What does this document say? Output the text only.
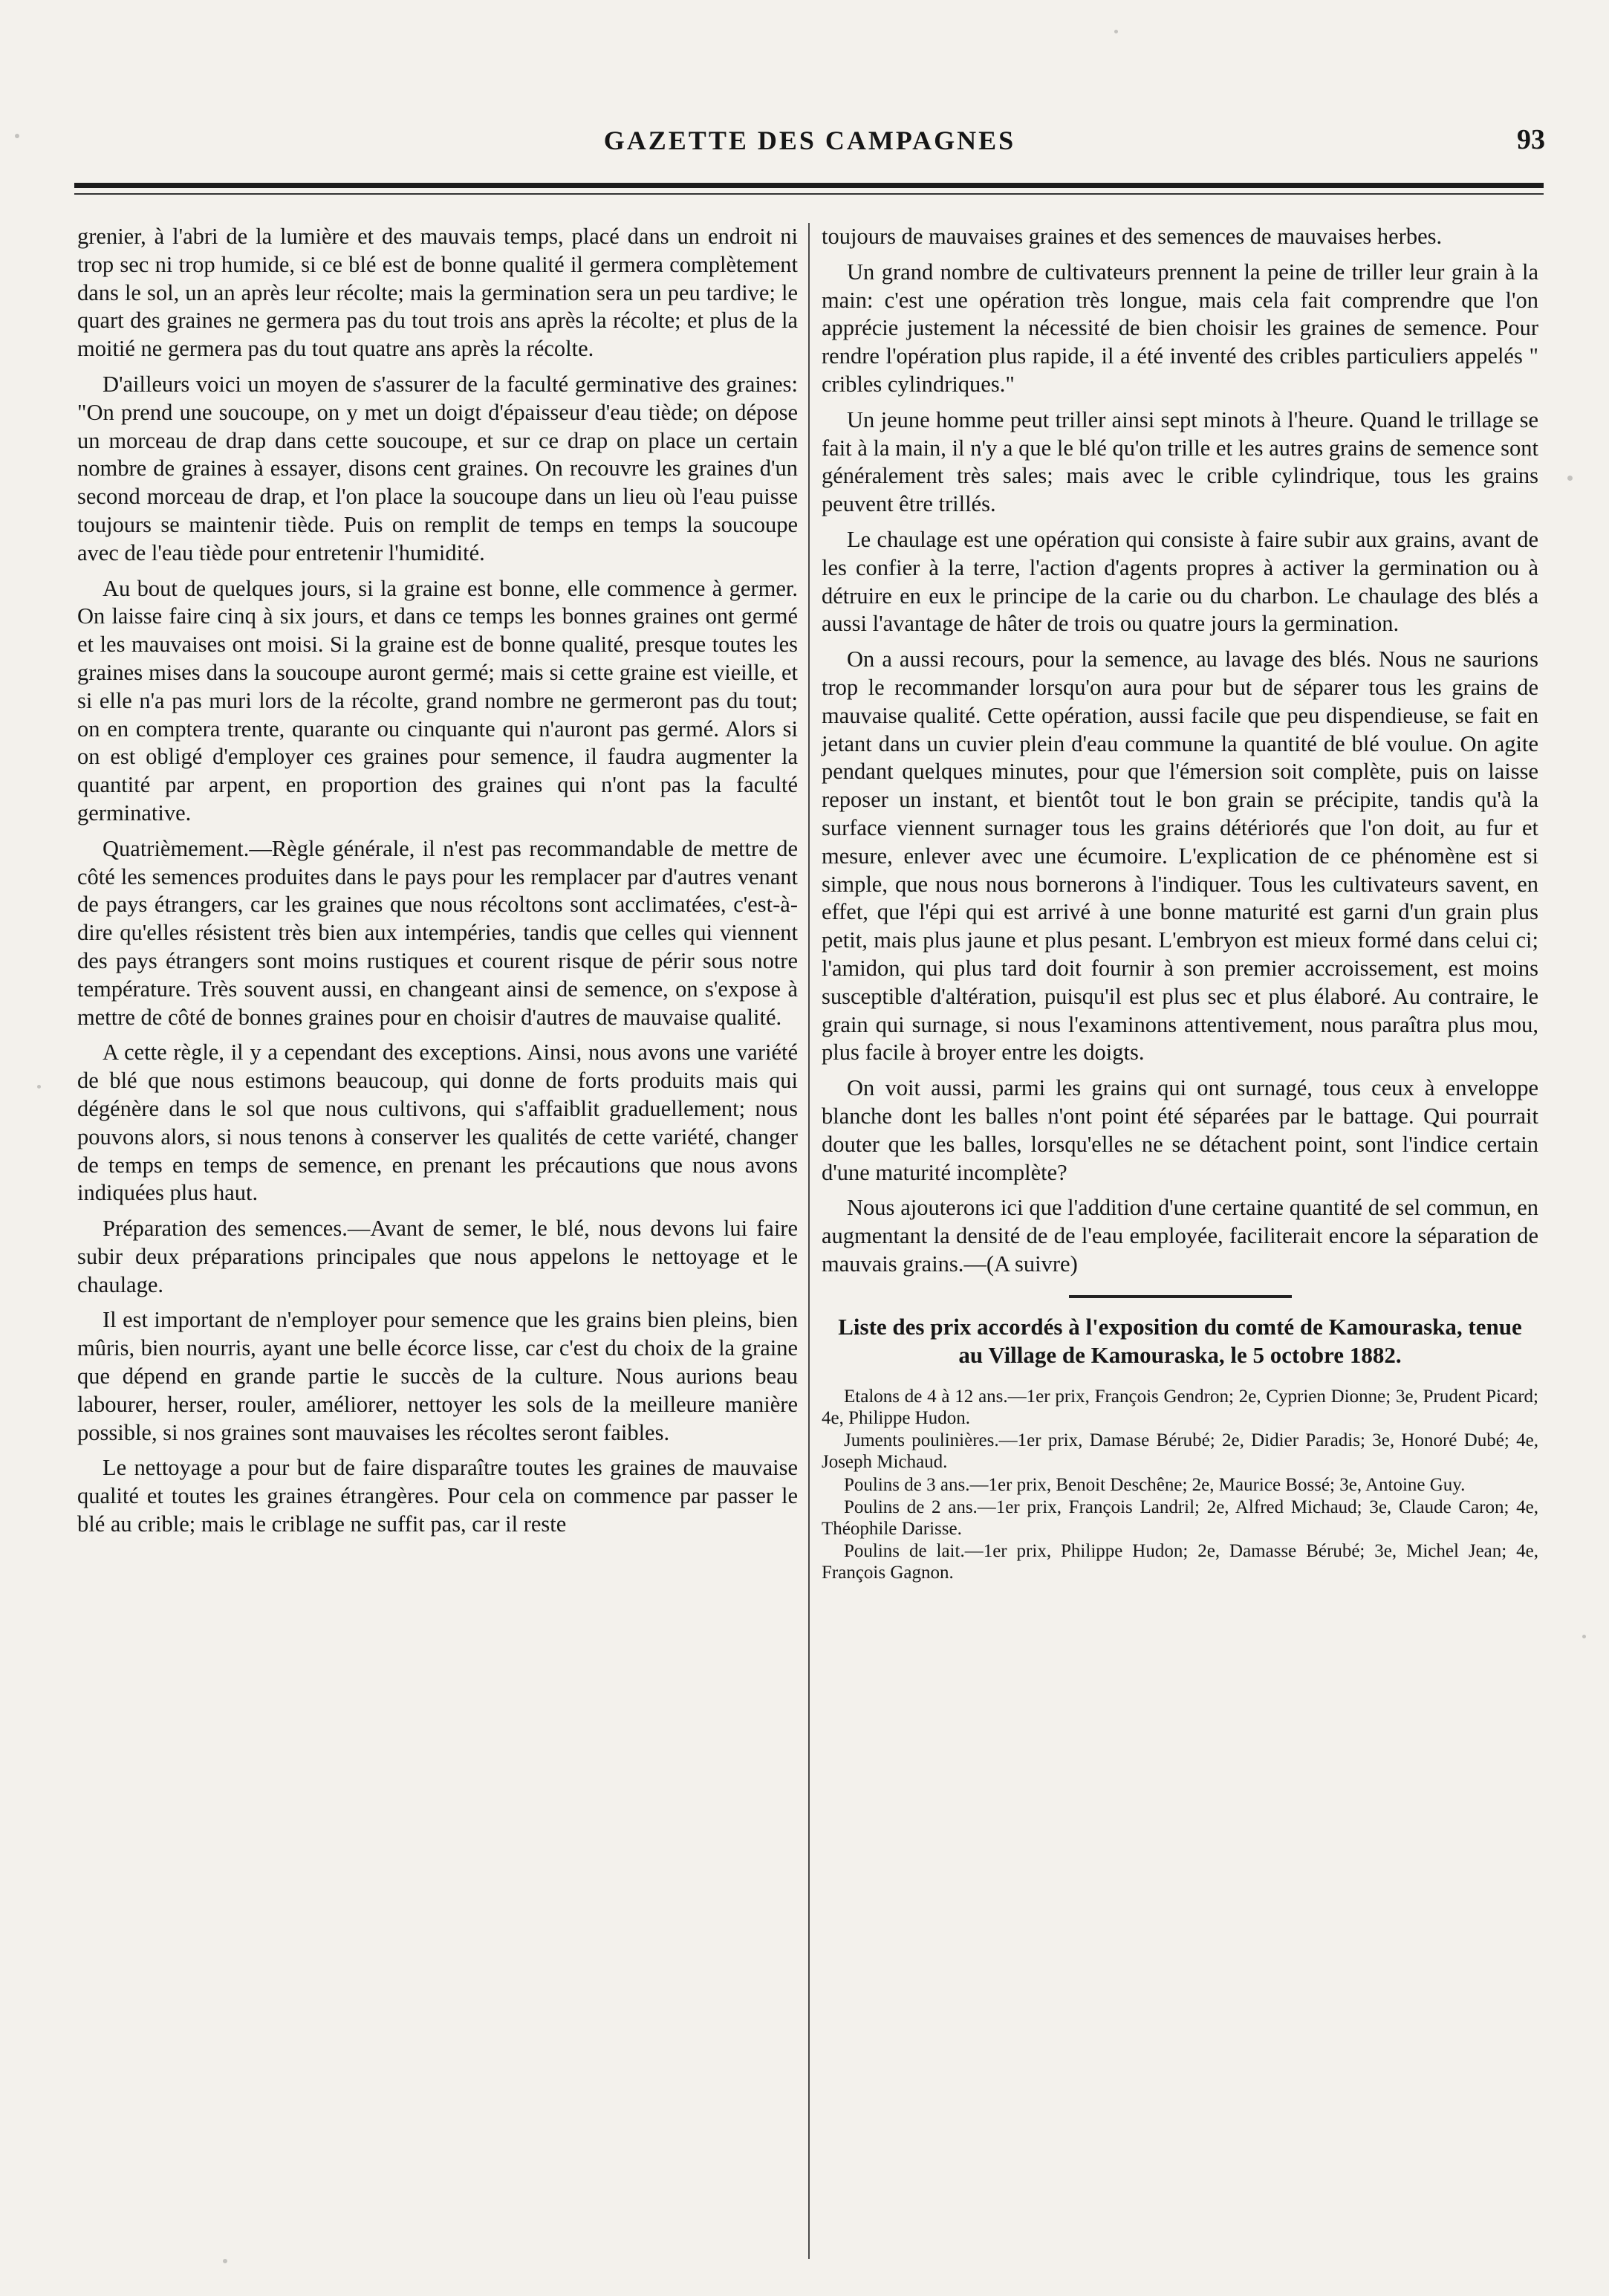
GAZETTE DES CAMPAGNES	93

grenier, à l'abri de la lumière et des mauvais temps, placé dans un endroit ni trop sec ni trop humide, si ce blé est de bonne qualité il germera complètement dans le sol, un an après leur récolte; mais la germination sera un peu tardive; le quart des graines ne germera pas du tout trois ans après la récolte; et plus de la moitié ne germera pas du tout quatre ans après la récolte.

D'ailleurs voici un moyen de s'assurer de la faculté germinative des graines: "On prend une soucoupe, on y met un doigt d'épaisseur d'eau tiède; on dépose un morceau de drap dans cette soucoupe, et sur ce drap on place un certain nombre de graines à essayer, disons cent graines. On recouvre les graines d'un second morceau de drap, et l'on place la soucoupe dans un lieu où l'eau puisse toujours se maintenir tiède. Puis on remplit de temps en temps la soucoupe avec de l'eau tiède pour entretenir l'humidité.

Au bout de quelques jours, si la graine est bonne, elle commence à germer. On laisse faire cinq à six jours, et dans ce temps les bonnes graines ont germé et les mauvaises ont moisi. Si la graine est de bonne qualité, presque toutes les graines mises dans la soucoupe auront germé; mais si cette graine est vieille, et si elle n'a pas muri lors de la récolte, grand nombre ne germeront pas du tout; on en comptera trente, quarante ou cinquante qui n'auront pas germé. Alors si on est obligé d'employer ces graines pour semence, il faudra augmenter la quantité par arpent, en proportion des graines qui n'ont pas la faculté germinative.

Quatrièmement.—Règle générale, il n'est pas recommandable de mettre de côté les semences produites dans le pays pour les remplacer par d'autres venant de pays étrangers, car les graines que nous récoltons sont acclimatées, c'est-à-dire qu'elles résistent très bien aux intempéries, tandis que celles qui viennent des pays étrangers sont moins rustiques et courent risque de périr sous notre température. Très souvent aussi, en changeant ainsi de semence, on s'expose à mettre de côté de bonnes graines pour en choisir d'autres de mauvaise qualité.

A cette règle, il y a cependant des exceptions. Ainsi, nous avons une variété de blé que nous estimons beaucoup, qui donne de forts produits mais qui dégénère dans le sol que nous cultivons, qui s'affaiblit graduellement; nous pouvons alors, si nous tenons à conserver les qualités de cette variété, changer de temps en temps de semence, en prenant les précautions que nous avons indiquées plus haut.

Préparation des semences.—Avant de semer, le blé, nous devons lui faire subir deux préparations principales que nous appelons le nettoyage et le chaulage.

Il est important de n'employer pour semence que les grains bien pleins, bien mûris, bien nourris, ayant une belle écorce lisse, car c'est du choix de la graine que dépend en grande partie le succès de la culture. Nous aurions beau labourer, herser, rouler, améliorer, nettoyer les sols de la meilleure manière possible, si nos graines sont mauvaises les récoltes seront faibles.

Le nettoyage a pour but de faire disparaître toutes les graines de mauvaise qualité et toutes les graines étrangères. Pour cela on commence par passer le blé au crible; mais le criblage ne suffit pas, car il reste

toujours de mauvaises graines et des semences de mauvaises herbes.

Un grand nombre de cultivateurs prennent la peine de triller leur grain à la main: c'est une opération très longue, mais cela fait comprendre que l'on apprécie justement la nécessité de bien choisir les graines de semence. Pour rendre l'opération plus rapide, il a été inventé des cribles particuliers appelés " cribles cylindriques."

Un jeune homme peut triller ainsi sept minots à l'heure. Quand le trillage se fait à la main, il n'y a que le blé qu'on trille et les autres grains de semence sont généralement très sales; mais avec le crible cylindrique, tous les grains peuvent être trillés.

Le chaulage est une opération qui consiste à faire subir aux grains, avant de les confier à la terre, l'action d'agents propres à activer la germination ou à détruire en eux le principe de la carie ou du charbon. Le chaulage des blés a aussi l'avantage de hâter de trois ou quatre jours la germination.

On a aussi recours, pour la semence, au lavage des blés. Nous ne saurions trop le recommander lorsqu'on aura pour but de séparer tous les grains de mauvaise qualité. Cette opération, aussi facile que peu dispendieuse, se fait en jetant dans un cuvier plein d'eau commune la quantité de blé voulue. On agite pendant quelques minutes, pour que l'émersion soit complète, puis on laisse reposer un instant, et bientôt tout le bon grain se précipite, tandis qu'à la surface viennent surnager tous les grains détériorés que l'on doit, au fur et mesure, enlever avec une écumoire. L'explication de ce phénomène est si simple, que nous nous bornerons à l'indiquer. Tous les cultivateurs savent, en effet, que l'épi qui est arrivé à une bonne maturité est garni d'un grain plus petit, mais plus jaune et plus pesant. L'embryon est mieux formé dans celui ci; l'amidon, qui plus tard doit fournir à son premier accroissement, est moins susceptible d'altération, puisqu'il est plus sec et plus élaboré. Au contraire, le grain qui surnage, si nous l'examinons attentivement, nous paraîtra plus mou, plus facile à broyer entre les doigts.

On voit aussi, parmi les grains qui ont surnagé, tous ceux à enveloppe blanche dont les balles n'ont point été séparées par le battage. Qui pourrait douter que les balles, lorsqu'elles ne se détachent point, sont l'indice certain d'une maturité incomplète?

Nous ajouterons ici que l'addition d'une certaine quantité de sel commun, en augmentant la densité de de l'eau employée, faciliterait encore la séparation de mauvais grains.—(A suivre)

Liste des prix accordés à l'exposition du comté de Kamouraska, tenue au Village de Kamouraska, le 5 octobre 1882.

Etalons de 4 à 12 ans.—1er prix, François Gendron; 2e, Cyprien Dionne; 3e, Prudent Picard; 4e, Philippe Hudon.

Juments poulinières.—1er prix, Damase Bérubé; 2e, Didier Paradis; 3e, Honoré Dubé; 4e, Joseph Michaud.

Poulins de 3 ans.—1er prix, Benoit Deschêne; 2e, Maurice Bossé; 3e, Antoine Guy.

Poulins de 2 ans.—1er prix, François Landril; 2e, Alfred Michaud; 3e, Claude Caron; 4e, Théophile Darisse.

Poulins de lait.—1er prix, Philippe Hudon; 2e, Damasse Bérubé; 3e, Michel Jean; 4e, François Gagnon.
